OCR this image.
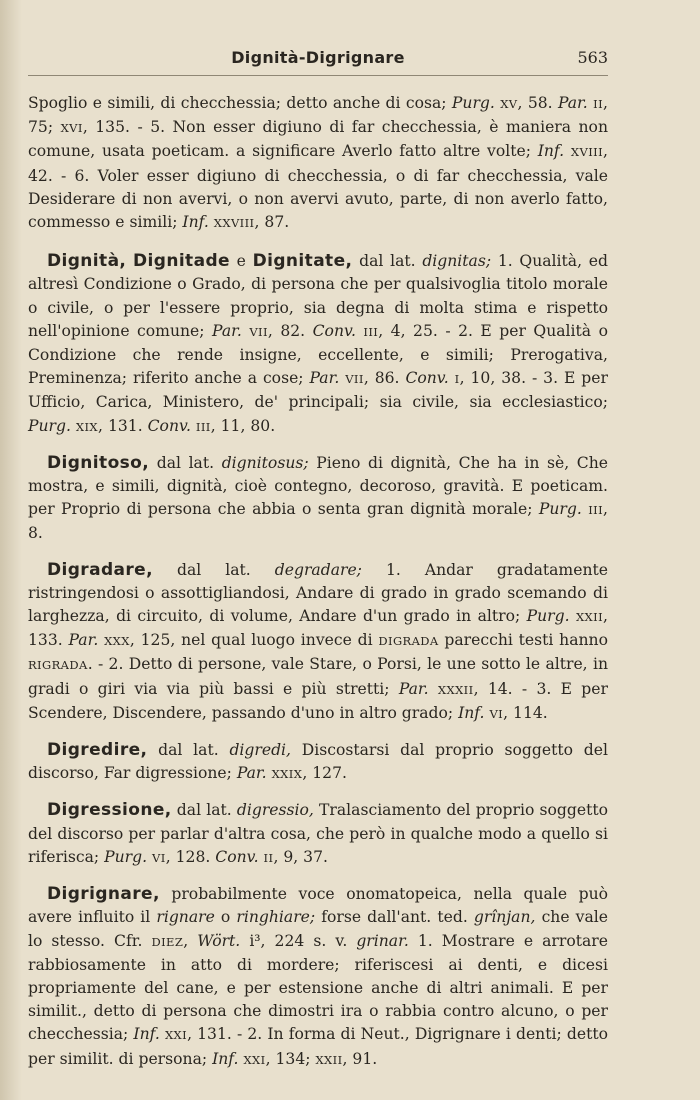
Dignità-Digrignare	563

Spoglio e simili, di checchessia; detto anche di cosa; Purg. XV, 58. Par. II, 75; XVI, 135. - 5. Non esser digiuno di far checchessia, è maniera non comune, usata poeticam. a significare Averlo fatto altre volte; Inf. XVIII, 42. - 6. Voler esser digiuno di checchessia, o di far checchessia, vale Desiderare di non avervi, o non avervi avuto, parte, di non averlo fatto, commesso e simili; Inf. XXVIII, 87.

Dignità, Dignitade e Dignitate, dal lat. dignitas; 1. Qualità, ed altresì Condizione o Grado, di persona che per qualsivoglia titolo morale o civile, o per l'essere proprio, sia degna di molta stima e rispetto nell'opinione comune; Par. VII, 82. Conv. III, 4, 25. - 2. E per Qualità o Condizione che rende insigne, eccellente, e simili; Prerogativa, Preminenza; riferito anche a cose; Par. VII, 86. Conv. I, 10, 38. - 3. E per Ufficio, Carica, Ministero, de' principali; sia civile, sia ecclesiastico; Purg. XIX, 131. Conv. III, 11, 80.

Dignitoso, dal lat. dignitosus; Pieno di dignità, Che ha in sè, Che mostra, e simili, dignità, cioè contegno, decoroso, gravità. E poeticam. per Proprio di persona che abbia o senta gran dignità morale; Purg. III, 8.

Digradare, dal lat. degradare; 1. Andar gradatamente ristringendosi o assottigliandosi, Andare di grado in grado scemando di larghezza, di circuito, di volume, Andare d'un grado in altro; Purg. XXII, 133. Par. XXX, 125, nel qual luogo invece di DIGRADA parecchi testi hanno RIGRADA. - 2. Detto di persone, vale Stare, o Porsi, le une sotto le altre, in gradi o giri via via più bassi e più stretti; Par. XXXII, 14. - 3. E per Scendere, Discendere, passando d'uno in altro grado; Inf. VI, 114.

Digredire, dal lat. digredi, Discostarsi dal proprio soggetto del discorso, Far digressione; Par. XXIX, 127.

Digressione, dal lat. digressio, Tralasciamento del proprio soggetto del discorso per parlar d'altra cosa, che però in qualche modo a quello si riferisca; Purg. VI, 128. Conv. II, 9, 37.

Digrignare, probabilmente voce onomatopeica, nella quale può avere influito il rignare o ringhiare; forse dall'ant. ted. grînjan, che vale lo stesso. Cfr. DIEZ, Wört. i³, 224 s. v. grinar. 1. Mostrare e arrotare rabbiosamente in atto di mordere; riferiscesi ai denti, e dicesi propriamente del cane, e per estensione anche di altri animali. E per similit., detto di persona che dimostri ira o rabbia contro alcuno, o per checchessia; Inf. XXI, 131. - 2. In forma di Neut., Digrignare i denti; detto per similit. di persona; Inf. XXI, 134; XXII, 91.
